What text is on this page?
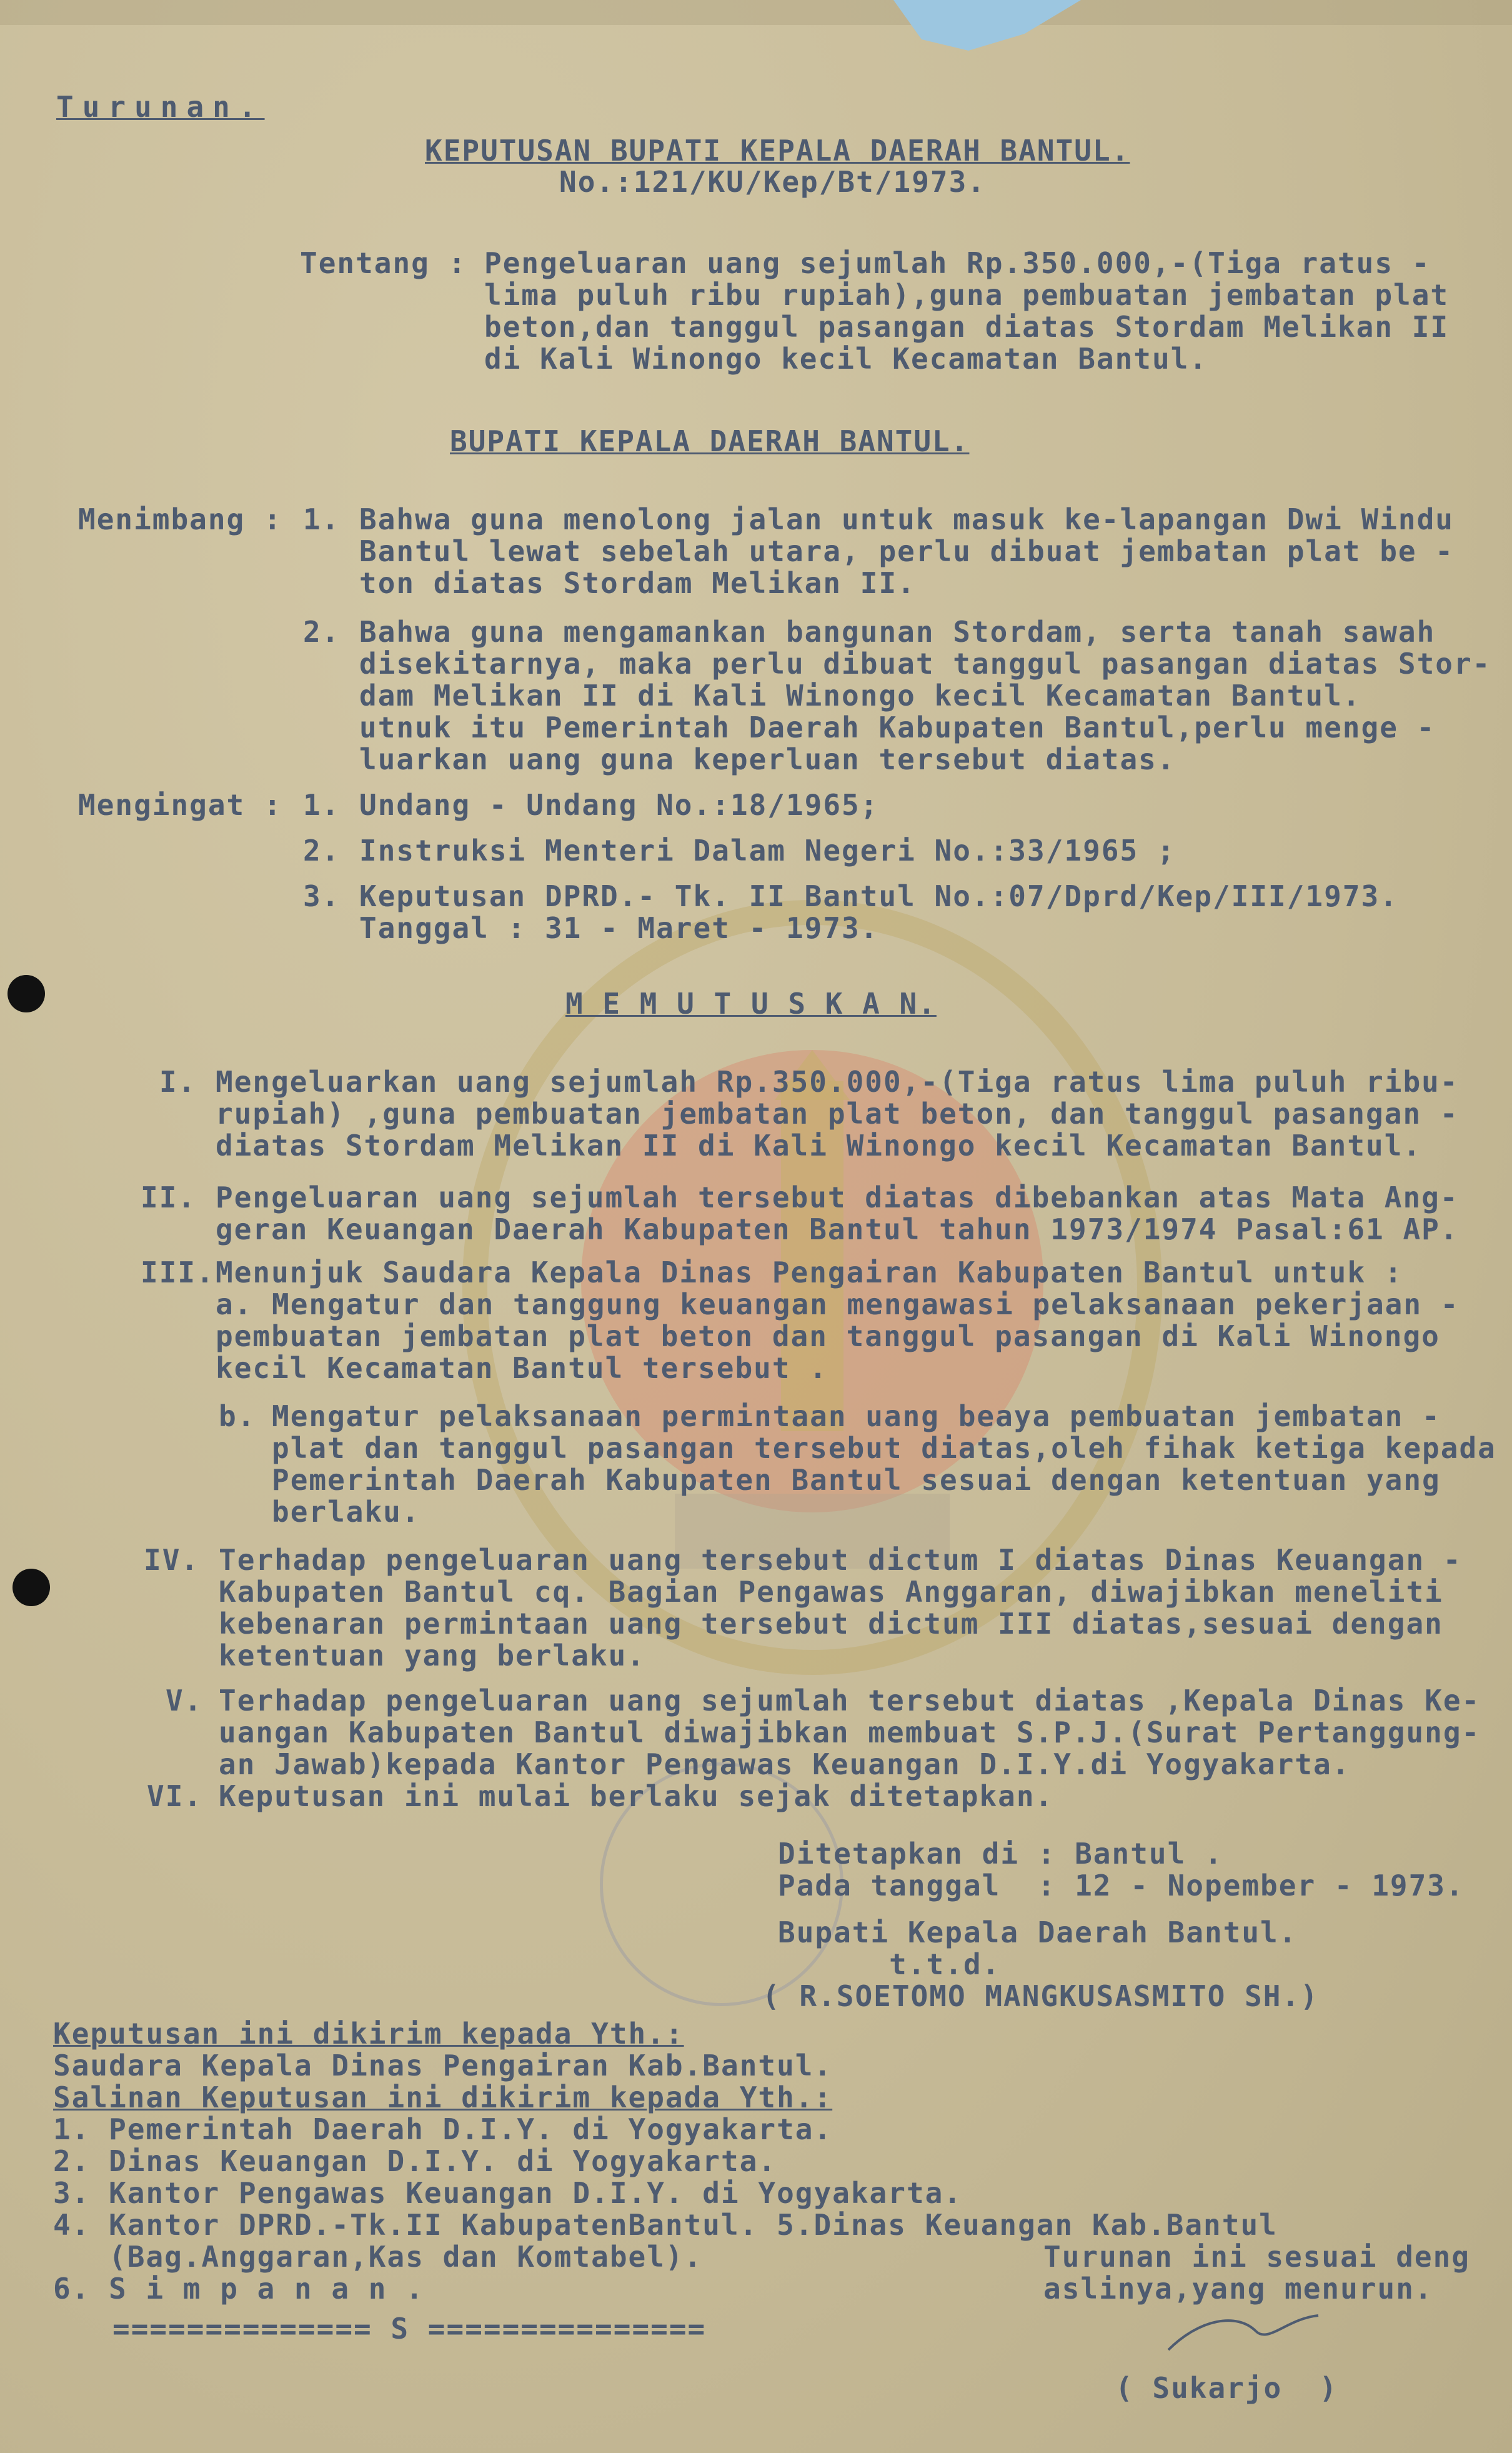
Turunan.
KEPUTUSAN BUPATI KEPALA DAERAH BANTUL.
No.:121/KU/Kep/Bt/1973.
Tentang : Pengeluaran uang sejumlah Rp.350.000,-(Tiga ratus -
lima puluh ribu rupiah),guna pembuatan jembatan plat
beton,dan tanggul pasangan diatas Stordam Melikan II
di Kali Winongo kecil Kecamatan Bantul.
BUPATI KEPALA DAERAH BANTUL.
Menimbang : 1. Bahwa guna menolong jalan untuk masuk ke-lapangan Dwi Windu
Bantul lewat sebelah utara, perlu dibuat jembatan plat be -
ton diatas Stordam Melikan II.
2. Bahwa guna mengamankan bangunan Stordam, serta tanah sawah
disekitarnya, maka perlu dibuat tanggul pasangan diatas Stor-
dam Melikan II di Kali Winongo kecil Kecamatan Bantul.
utnuk itu Pemerintah Daerah Kabupaten Bantul,perlu menge -
luarkan uang guna keperluan tersebut diatas.
Mengingat : 1. Undang - Undang No.:18/1965;
2. Instruksi Menteri Dalam Negeri No.:33/1965 ;
3. Keputusan DPRD.- Tk. II Bantul No.:07/Dprd/Kep/III/1973.
Tanggal : 31 - Maret - 1973.
M E M U T U S K A N.
I. Mengeluarkan uang sejumlah Rp.350.000,-(Tiga ratus lima puluh ribu-
rupiah) ,guna pembuatan jembatan plat beton, dan tanggul pasangan -
diatas Stordam Melikan II di Kali Winongo kecil Kecamatan Bantul.
II. Pengeluaran uang sejumlah tersebut diatas dibebankan atas Mata Ang-
geran Keuangan Daerah Kabupaten Bantul tahun 1973/1974 Pasal:61 AP.
III. Menunjuk Saudara Kepala Dinas Pengairan Kabupaten Bantul untuk :
a. Mengatur dan tanggung keuangan mengawasi pelaksanaan pekerjaan -
pembuatan jembatan plat beton dan tanggul pasangan di Kali Winongo
kecil Kecamatan Bantul tersebut .
b. Mengatur pelaksanaan permintaan uang beaya pembuatan jembatan -
plat dan tanggul pasangan tersebut diatas,oleh fihak ketiga kepada
Pemerintah Daerah Kabupaten Bantul sesuai dengan ketentuan yang
berlaku.
IV. Terhadap pengeluaran uang tersebut dictum I diatas Dinas Keuangan -
Kabupaten Bantul cq. Bagian Pengawas Anggaran, diwajibkan meneliti
kebenaran permintaan uang tersebut dictum III diatas,sesuai dengan
ketentuan yang berlaku.
V. Terhadap pengeluaran uang sejumlah tersebut diatas ,Kepala Dinas Ke-
uangan Kabupaten Bantul diwajibkan membuat S.P.J.(Surat Pertanggung-
an Jawab)kepada Kantor Pengawas Keuangan D.I.Y.di Yogyakarta.
VI. Keputusan ini mulai berlaku sejak ditetapkan.
Ditetapkan di : Bantul .
Pada tanggal  : 12 - Nopember - 1973.
Bupati Kepala Daerah Bantul.
t.t.d.
( R.SOETOMO MANGKUSASMITO SH.)
Keputusan ini dikirim kepada Yth.:
Saudara Kepala Dinas Pengairan Kab.Bantul.
Salinan Keputusan ini dikirim kepada Yth.:
1. Pemerintah Daerah D.I.Y. di Yogyakarta.
2. Dinas Keuangan D.I.Y. di Yogyakarta.
3. Kantor Pengawas Keuangan D.I.Y. di Yogyakarta.
4. Kantor DPRD.-Tk.II KabupatenBantul. 5.Dinas Keuangan Kab.Bantul
(Bag.Anggaran,Kas dan Komtabel).
6. S i m p a n a n .
============== S ===============
Turunan ini sesuai deng
aslinya,yang menurun.
( Sukarjo  )
